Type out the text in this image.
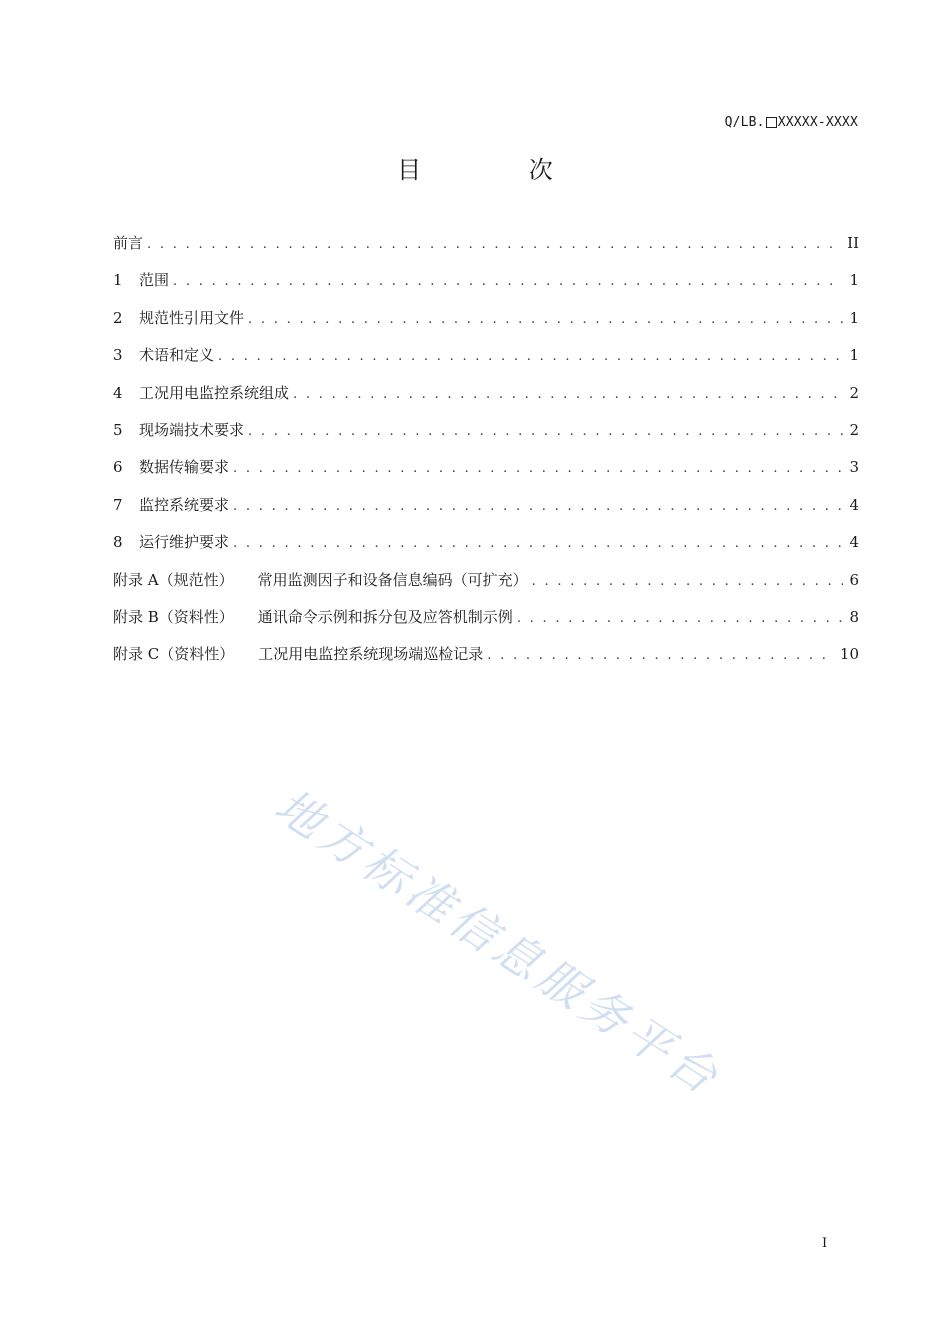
Q/LB. XXXXX-XXXX
目 次
前言 . . .	II
1	范围 . . .	1
2	规范性引用文件 . . .	1
3	术语和定义 . . .	1
4	工况用电监控系统组成 . . .	2
5	现场端技术要求 . . .	2
6	数据传输要求 . . .	3
7	监控系统要求 . . .	4
8	运行维护要求 . . .	4
附录 A（规范性） 常用监测因子和设备信息编码（可扩充） . . .	6
附录 B（资料性） 通讯命令示例和拆分包及应答机制示例 . . .	8
附录 C（资料性） 工况用电监控系统现场端巡检记录 . . .	10
地方标准信息服务平台
I
